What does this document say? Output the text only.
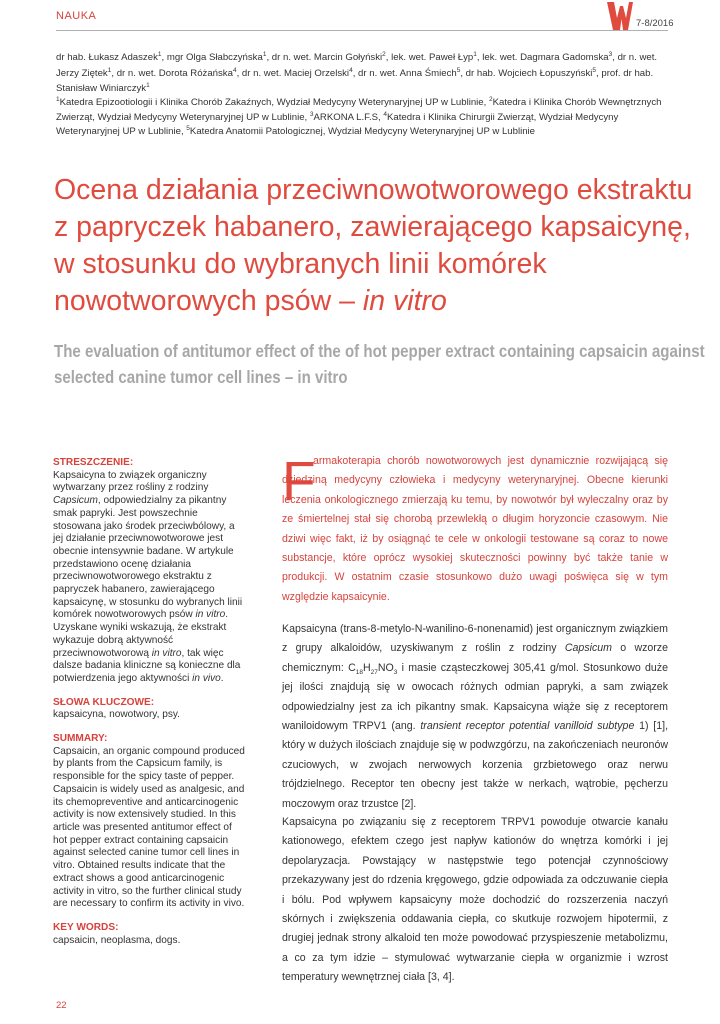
NAUKA
7-8/2016
dr hab. Łukasz Adaszek$^1$, mgr Olga Słabczyńska$^1$, dr n. wet. Marcin Gołyński$^2$, lek. wet. Paweł Łyp$^1$, lek. wet. Dagmara Gadomska$^3$, dr n. wet. Jerzy Ziętek$^1$, dr n. wet. Dorota Różańska$^4$, dr n. wet. Maciej Orzelski$^4$, dr n. wet. Anna Śmiech$^5$, dr hab. Wojciech Łopuszyński$^5$, prof. dr hab. Stanisław Winiarczyk$^1$
$^1$Katedra Epizootiologii i Klinika Chorób Zakaźnych, Wydział Medycyny Weterynaryjnej UP w Lublinie, $^2$Katedra i Klinika Chorób Wewnętrznych Zwierząt, Wydział Medycyny Weterynaryjnej UP w Lublinie, $^3$ARKONA L.F.S, $^4$Katedra i Klinika Chirurgii Zwierząt, Wydział Medycyny Weterynaryjnej UP w Lublinie, $^5$Katedra Anatomii Patologicznej, Wydział Medycyny Weterynaryjnej UP w Lublinie
Ocena działania przeciwnowotworowego ekstraktu z papryczek habanero, zawierającego kapsaicynę, w stosunku do wybranych linii komórek nowotworowych psów – in vitro
The evaluation of antitumor effect of the of hot pepper extract containing capsaicin against
selected canine tumor cell lines – in vitro
STRESZCZENIE:

Kapsaicyna to związek organiczny wytwarzany przez rośliny z rodziny Capsicum, odpowiedzialny za pikantny smak papryki. Jest powszechnie stosowana jako środek przeciwbólowy, a jej działanie przeciwnowotworowe jest obecnie intensywnie badane. W artykule przedstawiono ocenę działania przeciwnowotworowego ekstraktu z papryczek habanero, zawierającego kapsaicynę, w stosunku do wybranych linii komórek nowotworowych psów in vitro. Uzyskane wyniki wskazują, że ekstrakt wykazuje dobrą aktywność przeciwnowotworową in vitro, tak więc dalsze badania kliniczne są konieczne dla potwierdzenia jego aktywności in vivo.

SŁOWA KLUCZOWE:

kapsaicyna, nowotwory, psy.

SUMMARY:

Capsaicin, an organic compound produced by plants from the Capsicum family, is responsible for the spicy taste of pepper. Capsaicin is widely used as analgesic, and its chemopreventive and anticarcinogenic activity is now extensively studied. In this article was presented antitumor effect of hot pepper extract containing capsaicin against selected canine tumor cell lines in vitro. Obtained results indicate that the extract shows a good anticarcinogenic activity in vitro, so the further clinical study are necessary to confirm its activity in vivo.

KEY WORDS:

capsaicin, neoplasma, dogs.

F

armakoterapia chorób nowotworowych jest dynamicznie rozwijającą się dziedziną medycyny człowieka i medycyny weterynaryjnej. Obecne kierunki leczenia onkologicznego zmierzają ku temu, by nowotwór był wyleczalny oraz by ze śmiertelnej stał się chorobą przewlekłą o długim horyzoncie czasowym. Nie dziwi więc fakt, iż by osiągnąć te cele w onkologii testowane są coraz to nowe substancje, które oprócz wysokiej skuteczności powinny być także tanie w produkcji. W ostatnim czasie stosunkowo dużo uwagi poświęca się w tym względzie kapsaicynie.

Kapsaicyna (trans-8-metylo-N-wanilino-6-nonenamid) jest organicznym związkiem z grupy alkaloidów, uzyskiwanym z roślin z rodziny Capsicum o wzorze chemicznym: $C_{18}H_{27}NO_3$ i masie cząsteczkowej 305,41 g/mol. Stosunkowo duże jej ilości znajdują się w owocach różnych odmian papryki, a sam związek odpowiedzialny jest za ich pikantny smak. Kapsaicyna wiąże się z receptorem waniloidowym TRPV1 (ang. transient receptor potential vanilloid subtype 1) [1], który w dużych ilościach znajduje się w podwzgórzu, na zakończeniach neuronów czuciowych, w zwojach nerwowych korzenia grzbietowego oraz nerwu trójdzielnego. Receptor ten obecny jest także w nerkach, wątrobie, pęcherzu moczowym oraz trzustce [2].

Kapsaicyna po związaniu się z receptorem TRPV1 powoduje otwarcie kanału kationowego, efektem czego jest napływ kationów do wnętrza komórki i jej depolaryzacja. Powstający w następstwie tego potencjał czynnościowy przekazywany jest do rdzenia kręgowego, gdzie odpowiada za odczuwanie ciepła i bólu. Pod wpływem kapsaicyny może dochodzić do rozszerzenia naczyń skórnych i zwiększenia oddawania ciepła, co skutkuje rozwojem hipotermii, z drugiej jednak strony alkaloid ten może powodować przyspieszenie metabolizmu, a co za tym idzie – stymulować wytwarzanie ciepła w organizmie i wzrost temperatury wewnętrznej ciała [3, 4].

22
